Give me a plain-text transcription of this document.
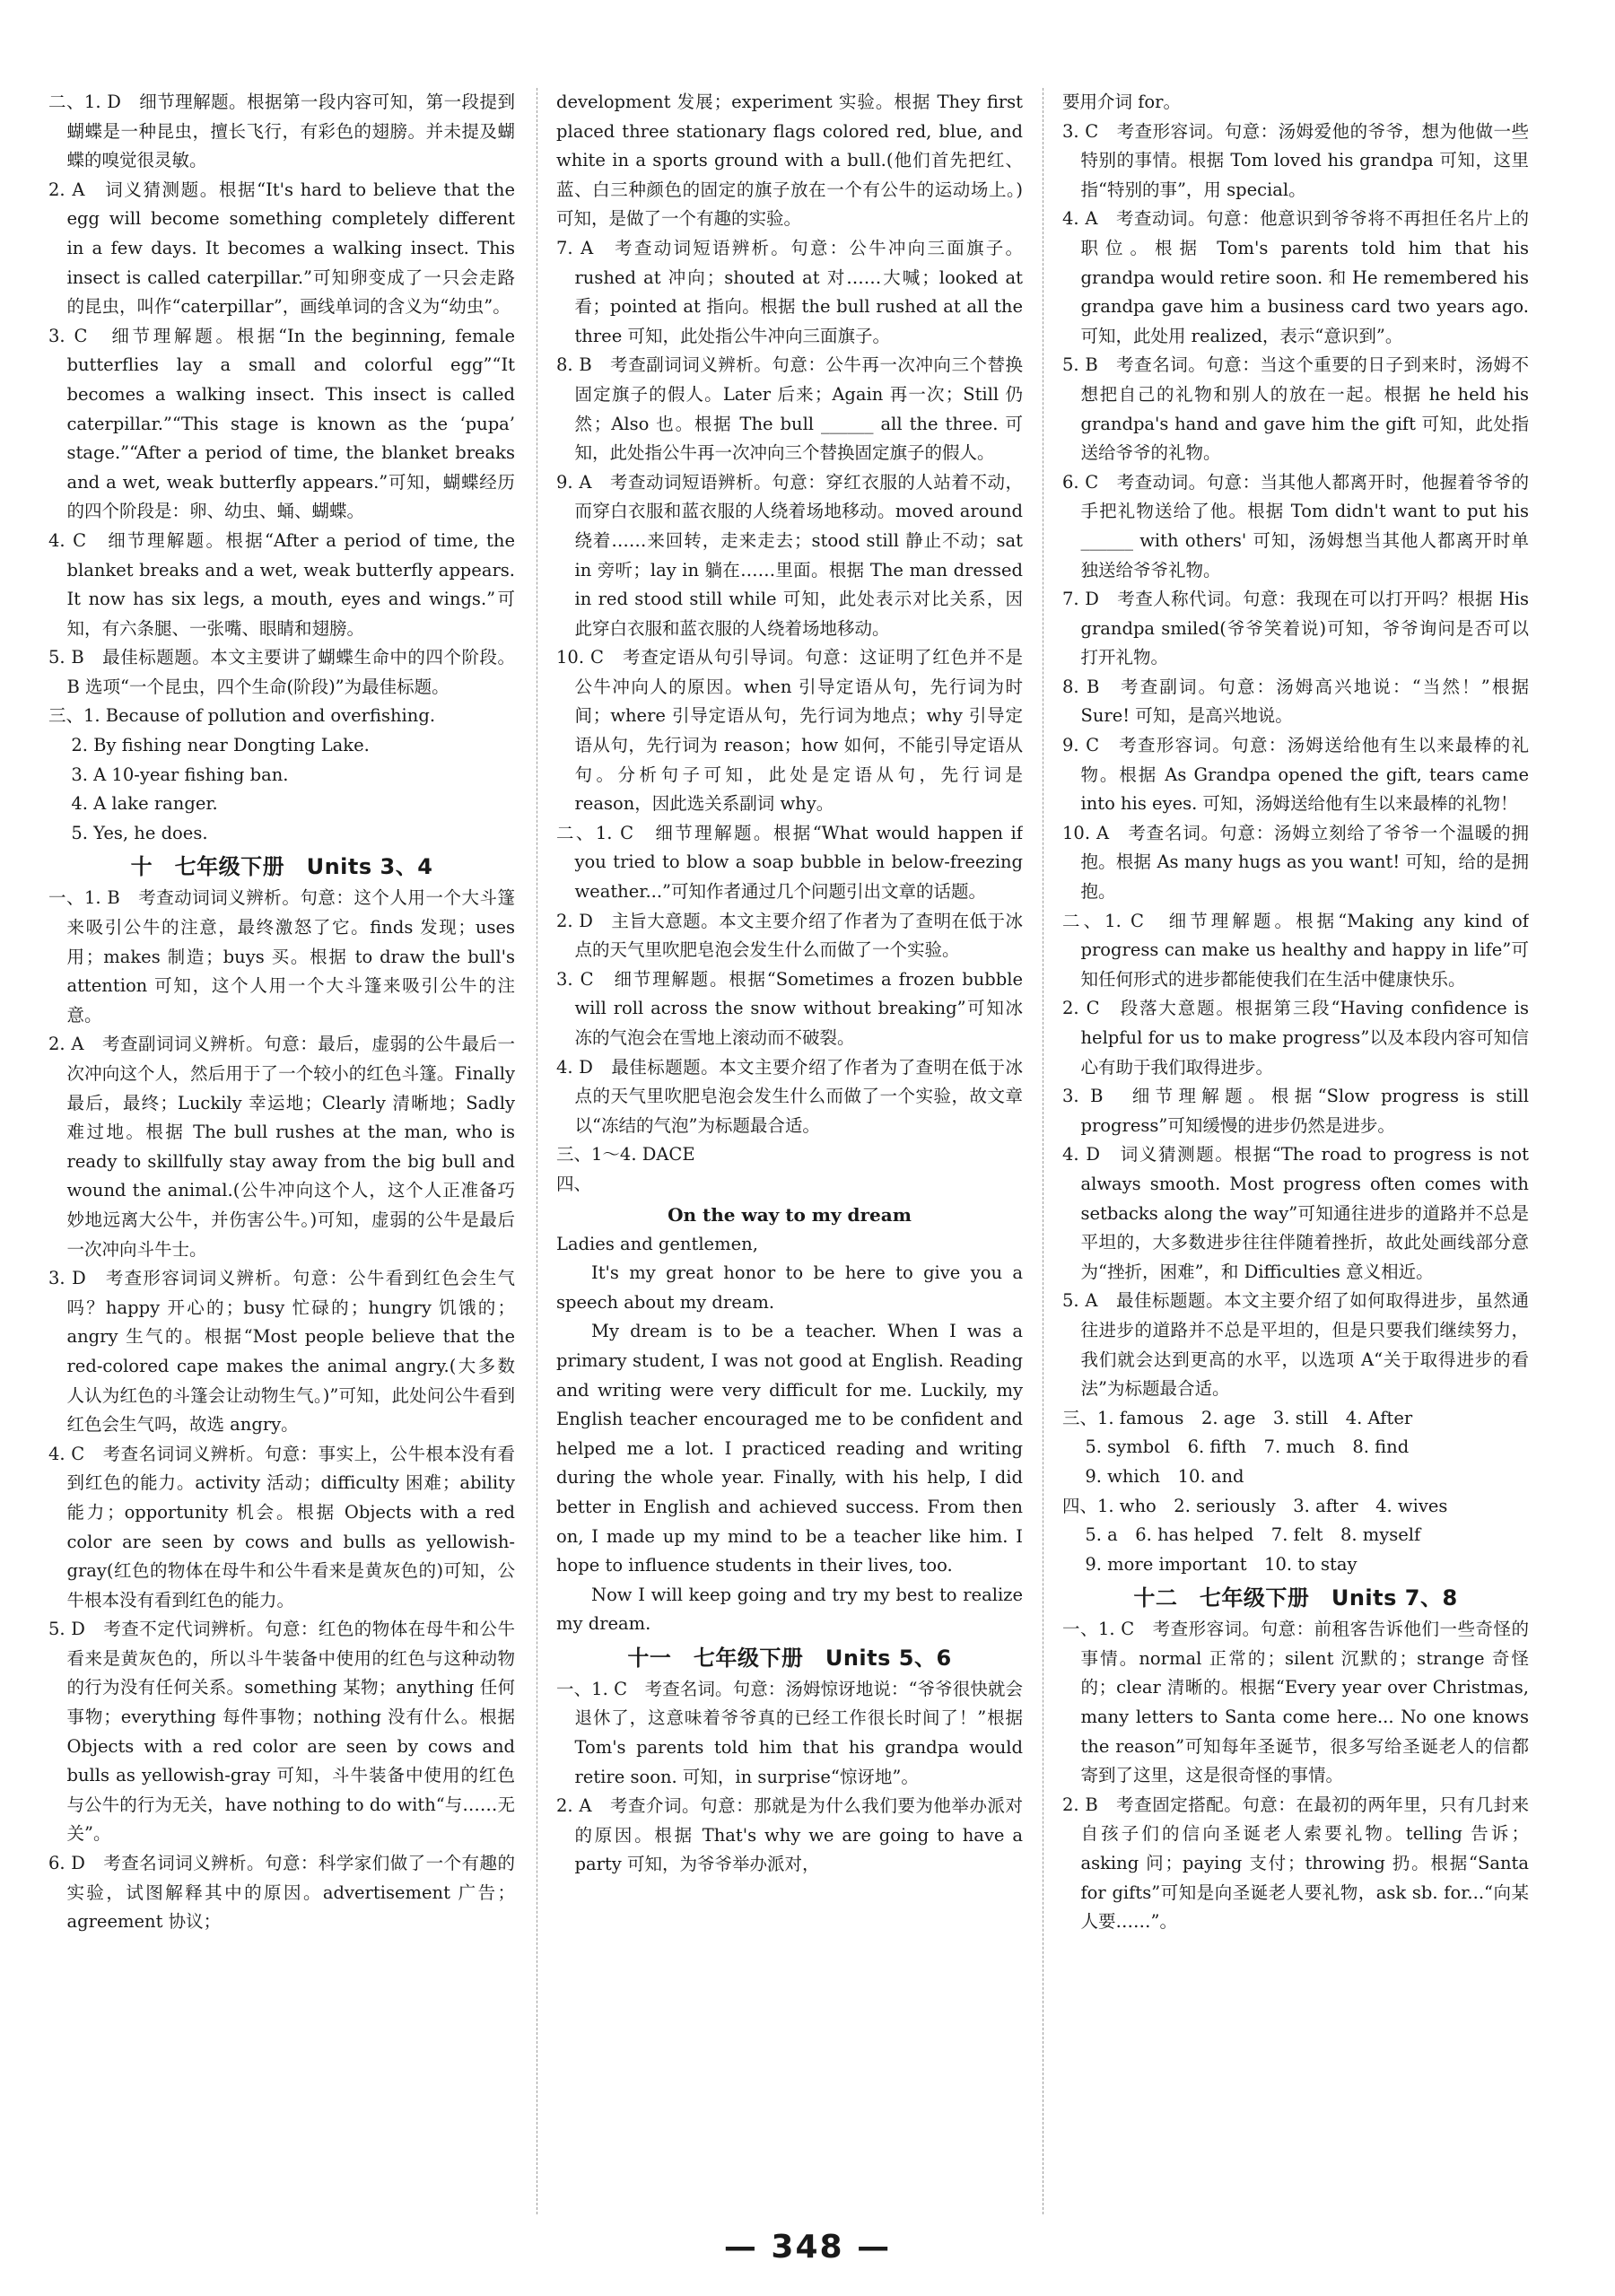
二、1. D　细节理解题。根据第一段内容可知，第一段提到蝴蝶是一种昆虫，擅长飞行，有彩色的翅膀。并未提及蝴蝶的嗅觉很灵敏。

2. A　词义猜测题。根据“It's hard to believe that the egg will become something completely different in a few days. It becomes a walking insect. This insect is called caterpillar.”可知卵变成了一只会走路的昆虫，叫作“caterpillar”，画线单词的含义为“幼虫”。

3. C　细节理解题。根据“In the beginning, female butterflies lay a small and colorful egg”“It becomes a walking insect. This insect is called caterpillar.”“This stage is known as the ‘pupa’ stage.”“After a period of time, the blanket breaks and a wet, weak butterfly appears.”可知，蝴蝶经历的四个阶段是：卵、幼虫、蛹、蝴蝶。

4. C　细节理解题。根据“After a period of time, the blanket breaks and a wet, weak butterfly appears. It now has six legs, a mouth, eyes and wings.”可知，有六条腿、一张嘴、眼睛和翅膀。

5. B　最佳标题题。本文主要讲了蝴蝶生命中的四个阶段。B 选项“一个昆虫，四个生命(阶段)”为最佳标题。

三、1. Because of pollution and overfishing.

2. By fishing near Dongting Lake.

3. A 10-year fishing ban.

4. A lake ranger.

5. Yes, he does.

十　七年级下册　Units 3、4

一、1. B　考查动词词义辨析。句意：这个人用一个大斗篷来吸引公牛的注意，最终激怒了它。finds 发现；uses 用；makes 制造；buys 买。根据 to draw the bull's attention 可知，这个人用一个大斗篷来吸引公牛的注意。

2. A　考查副词词义辨析。句意：最后，虚弱的公牛最后一次冲向这个人，然后用于了一个较小的红色斗篷。Finally 最后，最终；Luckily 幸运地；Clearly 清晰地；Sadly 难过地。根据 The bull rushes at the man, who is ready to skillfully stay away from the big bull and wound the animal.(公牛冲向这个人，这个人正准备巧妙地远离大公牛，并伤害公牛。)可知，虚弱的公牛是最后一次冲向斗牛士。

3. D　考查形容词词义辨析。句意：公牛看到红色会生气吗？happy 开心的；busy 忙碌的；hungry 饥饿的；angry 生气的。根据“Most people believe that the red-colored cape makes the animal angry.(大多数人认为红色的斗篷会让动物生气。)”可知，此处问公牛看到红色会生气吗，故选 angry。

4. C　考查名词词义辨析。句意：事实上，公牛根本没有看到红色的能力。activity 活动；difficulty 困难；ability 能力；opportunity 机会。根据 Objects with a red color are seen by cows and bulls as yellowish- gray(红色的物体在母牛和公牛看来是黄灰色的)可知，公牛根本没有看到红色的能力。

5. D　考查不定代词辨析。句意：红色的物体在母牛和公牛看来是黄灰色的，所以斗牛装备中使用的红色与这种动物的行为没有任何关系。something 某物；anything 任何事物；everything 每件事物；nothing 没有什么。根据 Objects with a red color are seen by cows and bulls as yellowish-gray 可知，斗牛装备中使用的红色与公牛的行为无关，have nothing to do with“与……无关”。

6. D　考查名词词义辨析。句意：科学家们做了一个有趣的实验，试图解释其中的原因。advertisement 广告；agreement 协议；

development 发展；experiment 实验。根据 They first placed three stationary flags colored red, blue, and white in a sports ground with a bull.(他们首先把红、蓝、白三种颜色的固定的旗子放在一个有公牛的运动场上。)可知，是做了一个有趣的实验。

7. A　考查动词短语辨析。句意：公牛冲向三面旗子。rushed at 冲向；shouted at 对……大喊；looked at 看；pointed at 指向。根据 the bull rushed at all the three 可知，此处指公牛冲向三面旗子。

8. B　考查副词词义辨析。句意：公牛再一次冲向三个替换固定旗子的假人。Later 后来；Again 再一次；Still 仍然；Also 也。根据 The bull ______ all the three. 可知，此处指公牛再一次冲向三个替换固定旗子的假人。

9. A　考查动词短语辨析。句意：穿红衣服的人站着不动，而穿白衣服和蓝衣服的人绕着场地移动。moved around 绕着……来回转，走来走去；stood still 静止不动；sat in 旁听；lay in 躺在……里面。根据 The man dressed in red stood still while 可知，此处表示对比关系，因此穿白衣服和蓝衣服的人绕着场地移动。

10. C　考查定语从句引导词。句意：这证明了红色并不是公牛冲向人的原因。when 引导定语从句，先行词为时间；where 引导定语从句，先行词为地点；why 引导定语从句，先行词为 reason；how 如何，不能引导定语从句。分析句子可知，此处是定语从句，先行词是 reason，因此选关系副词 why。

二、1. C　细节理解题。根据“What would happen if you tried to blow a soap bubble in below-freezing weather...”可知作者通过几个问题引出文章的话题。

2. D　主旨大意题。本文主要介绍了作者为了查明在低于冰点的天气里吹肥皂泡会发生什么而做了一个实验。

3. C　细节理解题。根据“Sometimes a frozen bubble will roll across the snow without breaking”可知冰冻的气泡会在雪地上滚动而不破裂。

4. D　最佳标题题。本文主要介绍了作者为了查明在低于冰点的天气里吹肥皂泡会发生什么而做了一个实验，故文章以“冻结的气泡”为标题最合适。

三、1～4. DACE

四、

On the way to my dream

Ladies and gentlemen,

It's my great honor to be here to give you a speech about my dream.

My dream is to be a teacher. When I was a primary student, I was not good at English. Reading and writing were very difficult for me. Luckily, my English teacher encouraged me to be confident and helped me a lot. I practiced reading and writing during the whole year. Finally, with his help, I did better in English and achieved success. From then on, I made up my mind to be a teacher like him. I hope to influence students in their lives, too.

Now I will keep going and try my best to realize my dream.

十一　七年级下册　Units 5、6

一、1. C　考查名词。句意：汤姆惊讶地说：“爷爷很快就会退休了，这意味着爷爷真的已经工作很长时间了！”根据 Tom's parents told him that his grandpa would retire soon. 可知，in surprise“惊讶地”。

2. A　考查介词。句意：那就是为什么我们要为他举办派对的原因。根据 That's why we are going to have a party 可知，为爷爷举办派对，

要用介词 for。

3. C　考查形容词。句意：汤姆爱他的爷爷，想为他做一些特别的事情。根据 Tom loved his grandpa 可知，这里指“特别的事”，用 special。

4. A　考查动词。句意：他意识到爷爷将不再担任名片上的职位。根据 Tom's parents told him that his grandpa would retire soon. 和 He remembered his grandpa gave him a business card two years ago. 可知，此处用 realized，表示“意识到”。

5. B　考查名词。句意：当这个重要的日子到来时，汤姆不想把自己的礼物和别人的放在一起。根据 he held his grandpa's hand and gave him the gift 可知，此处指送给爷爷的礼物。

6. C　考查动词。句意：当其他人都离开时，他握着爷爷的手把礼物送给了他。根据 Tom didn't want to put his ______ with others' 可知，汤姆想当其他人都离开时单独送给爷爷礼物。

7. D　考查人称代词。句意：我现在可以打开吗？根据 His grandpa smiled(爷爷笑着说)可知，爷爷询问是否可以打开礼物。

8. B　考查副词。句意：汤姆高兴地说：“当然！”根据 Sure! 可知，是高兴地说。

9. C　考查形容词。句意：汤姆送给他有生以来最棒的礼物。根据 As Grandpa opened the gift, tears came into his eyes. 可知，汤姆送给他有生以来最棒的礼物！

10. A　考查名词。句意：汤姆立刻给了爷爷一个温暖的拥抱。根据 As many hugs as you want! 可知，给的是拥抱。

二、1. C　细节理解题。根据“Making any kind of progress can make us healthy and happy in life”可知任何形式的进步都能使我们在生活中健康快乐。

2. C　段落大意题。根据第三段“Having confidence is helpful for us to make progress”以及本段内容可知信心有助于我们取得进步。

3. B　细节理解题。根据“Slow progress is still progress”可知缓慢的进步仍然是进步。

4. D　词义猜测题。根据“The road to progress is not always smooth. Most progress often comes with setbacks along the way”可知通往进步的道路并不总是平坦的，大多数进步往往伴随着挫折，故此处画线部分意为“挫折，困难”，和 Difficulties 意义相近。

5. A　最佳标题题。本文主要介绍了如何取得进步，虽然通往进步的道路并不总是平坦的，但是只要我们继续努力，我们就会达到更高的水平，以选项 A“关于取得进步的看法”为标题最合适。

三、1. famous　2. age　3. still　4. After

5. symbol　6. fifth　7. much　8. find

9. which　10. and

四、1. who　2. seriously　3. after　4. wives

5. a　6. has helped　7. felt　8. myself

9. more important　10. to stay

十二　七年级下册　Units 7、8

一、1. C　考查形容词。句意：前租客告诉他们一些奇怪的事情。normal 正常的；silent 沉默的；strange 奇怪的；clear 清晰的。根据“Every year over Christmas, many letters to Santa come here... No one knows the reason”可知每年圣诞节，很多写给圣诞老人的信都寄到了这里，这是很奇怪的事情。

2. B　考查固定搭配。句意：在最初的两年里，只有几封来自孩子们的信向圣诞老人索要礼物。telling 告诉；asking 问；paying 支付；throwing 扔。根据“Santa for gifts”可知是向圣诞老人要礼物，ask sb. for...“向某人要……”。

— 348 —
